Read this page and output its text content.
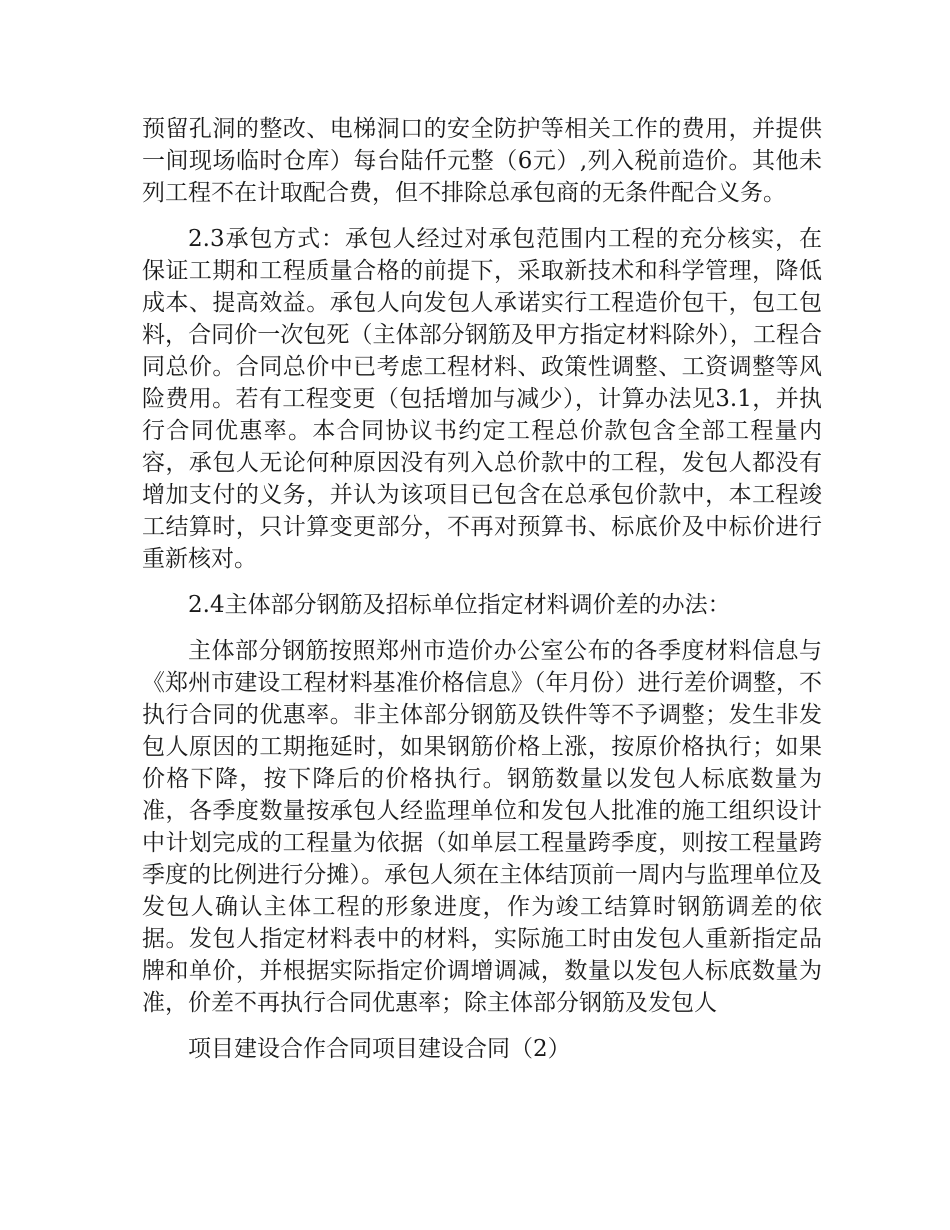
预留孔洞的整改、电梯洞口的安全防护等相关工作的费用，并提供一间现场临时仓库）每台陆仟元整（6元）,列入税前造价。其他未列工程不在计取配合费，但不排除总承包商的无条件配合义务。

2.3承包方式：承包人经过对承包范围内工程的充分核实，在保证工期和工程质量合格的前提下，采取新技术和科学管理，降低成本、提高效益。承包人向发包人承诺实行工程造价包干，包工包料，合同价一次包死（主体部分钢筋及甲方指定材料除外），工程合同总价。合同总价中已考虑工程材料、政策性调整、工资调整等风险费用。若有工程变更（包括增加与减少），计算办法见3.1，并执行合同优惠率。本合同协议书约定工程总价款包含全部工程量内容，承包人无论何种原因没有列入总价款中的工程，发包人都没有增加支付的义务，并认为该项目已包含在总承包价款中，本工程竣工结算时，只计算变更部分，不再对预算书、标底价及中标价进行重新核对。

2.4主体部分钢筋及招标单位指定材料调价差的办法：

主体部分钢筋按照郑州市造价办公室公布的各季度材料信息与《郑州市建设工程材料基准价格信息》（年月份）进行差价调整，不执行合同的优惠率。非主体部分钢筋及铁件等不予调整；发生非发包人原因的工期拖延时，如果钢筋价格上涨，按原价格执行；如果价格下降，按下降后的价格执行。钢筋数量以发包人标底数量为准，各季度数量按承包人经监理单位和发包人批准的施工组织设计中计划完成的工程量为依据（如单层工程量跨季度，则按工程量跨季度的比例进行分摊）。承包人须在主体结顶前一周内与监理单位及发包人确认主体工程的形象进度，作为竣工结算时钢筋调差的依据。发包人指定材料表中的材料，实际施工时由发包人重新指定品牌和单价，并根据实际指定价调增调减，数量以发包人标底数量为准，价差不再执行合同优惠率；除主体部分钢筋及发包人

项目建设合作合同项目建设合同（2）
